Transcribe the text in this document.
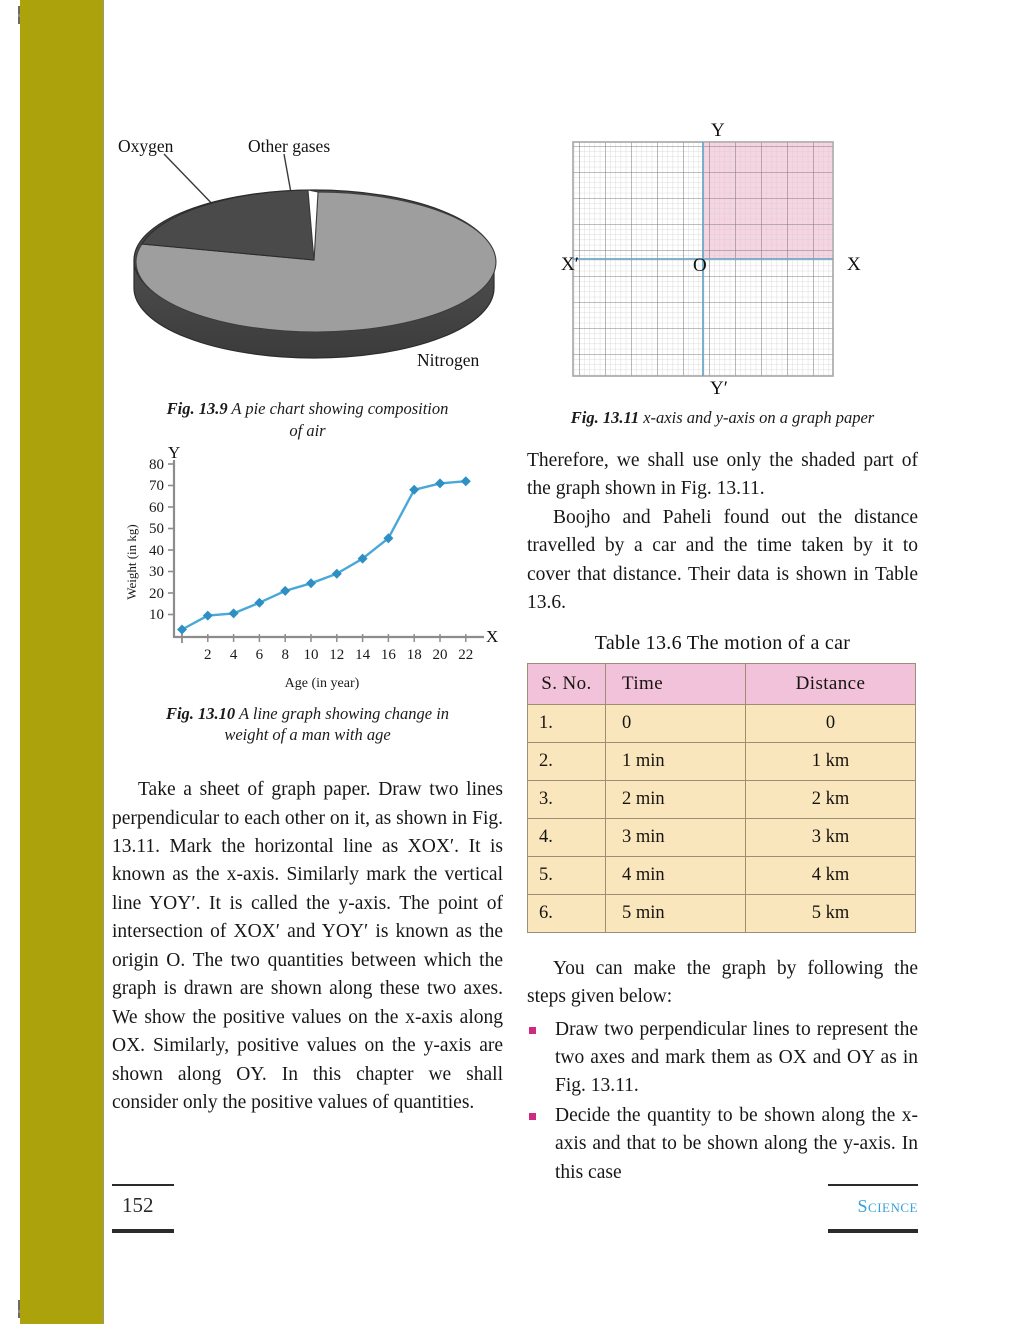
Oxygen	Other gases
Nitrogen

Fig. 13.9 A pie chart showing composition
of air

Y
X
80
70
60
50
40
30
20
10
2 4 6 8 10 12 14 16 18 20 22
Weight (in kg)
Age (in year)

Fig. 13.10 A line graph showing change in
weight of a man with age

Take a sheet of graph paper. Draw two lines perpendicular to each other on it, as shown in Fig. 13.11. Mark the horizontal line as XOX′. It is known as the x-axis. Similarly mark the vertical line YOY′. It is called the y-axis. The point of intersection of XOX′ and YOY′ is known as the origin O. The two quantities between which the graph is drawn are shown along these two axes. We show the positive values on the x-axis along OX. Similarly, positive values on the y-axis are shown along OY. In this chapter we shall consider only the positive values of quantities.

Y
Y′
X
X′	O

Fig. 13.11 x-axis and y-axis on a graph paper

Therefore, we shall use only the shaded part of the graph shown in Fig. 13.11.

Boojho and Paheli found out the distance travelled by a car and the time taken by it to cover that distance. Their data is shown in Table 13.6.

Table 13.6 The motion of a car
S. No.	Time	Distance
1.	0	0
2.	1 min	1 km
3.	2 min	2 km
4.	3 min	3 km
5.	4 min	4 km
6.	5 min	5 km

You can make the graph by following the steps given below:

Draw two perpendicular lines to represent the two axes and mark them as OX and OY as in Fig. 13.11.
Decide the quantity to be shown along the x-axis and that to be shown along the y-axis. In this case
152	Science
